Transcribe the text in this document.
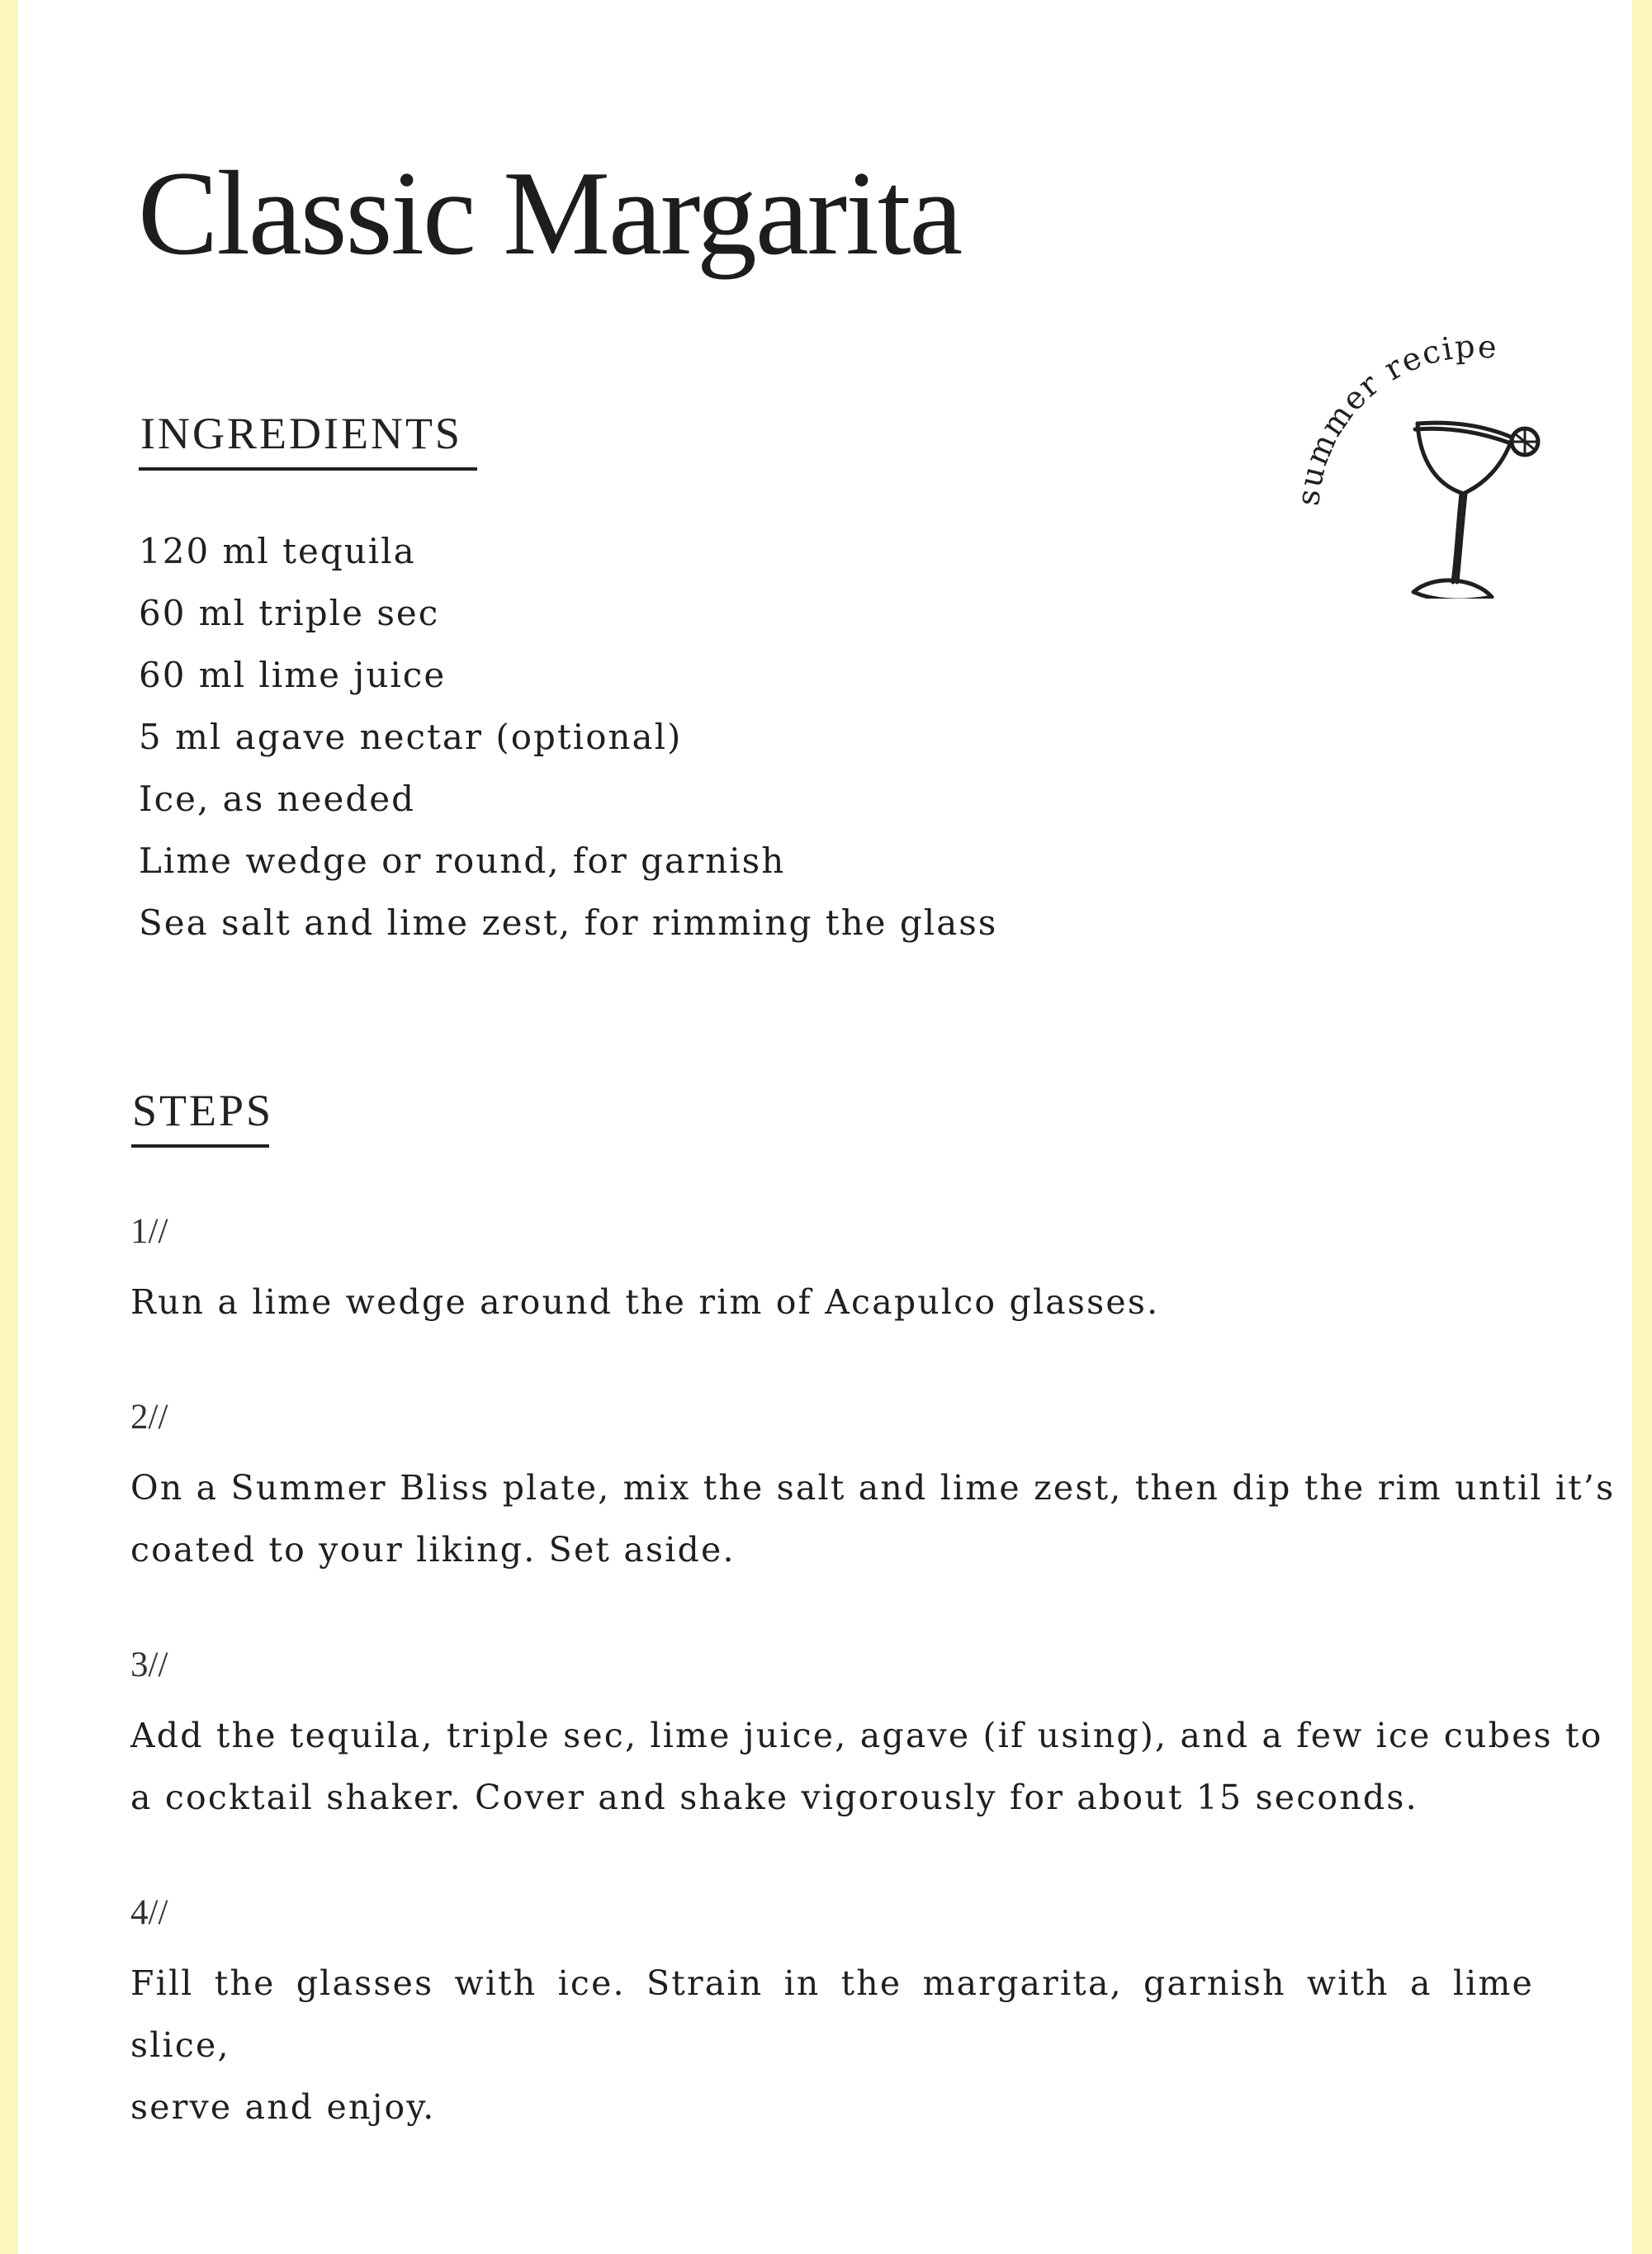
Classic Margarita
INGREDIENTS
120 ml tequila
60 ml triple sec
60 ml lime juice
5 ml agave nectar (optional)
Ice, as needed
Lime wedge or round, for garnish
Sea salt and lime zest, for rimming the glass
STEPS
1//
Run a lime wedge around the rim of Acapulco glasses.
2//
On a Summer Bliss plate, mix the salt and lime zest, then dip the rim until it’s
coated to your liking. Set aside.
3//
Add the tequila, triple sec, lime juice, agave (if using), and a few ice cubes to
a cocktail shaker. Cover and shake vigorously for about 15 seconds.
4//
Fill the glasses with ice. Strain in the margarita, garnish with a lime slice,
serve and enjoy.
summer recipe
